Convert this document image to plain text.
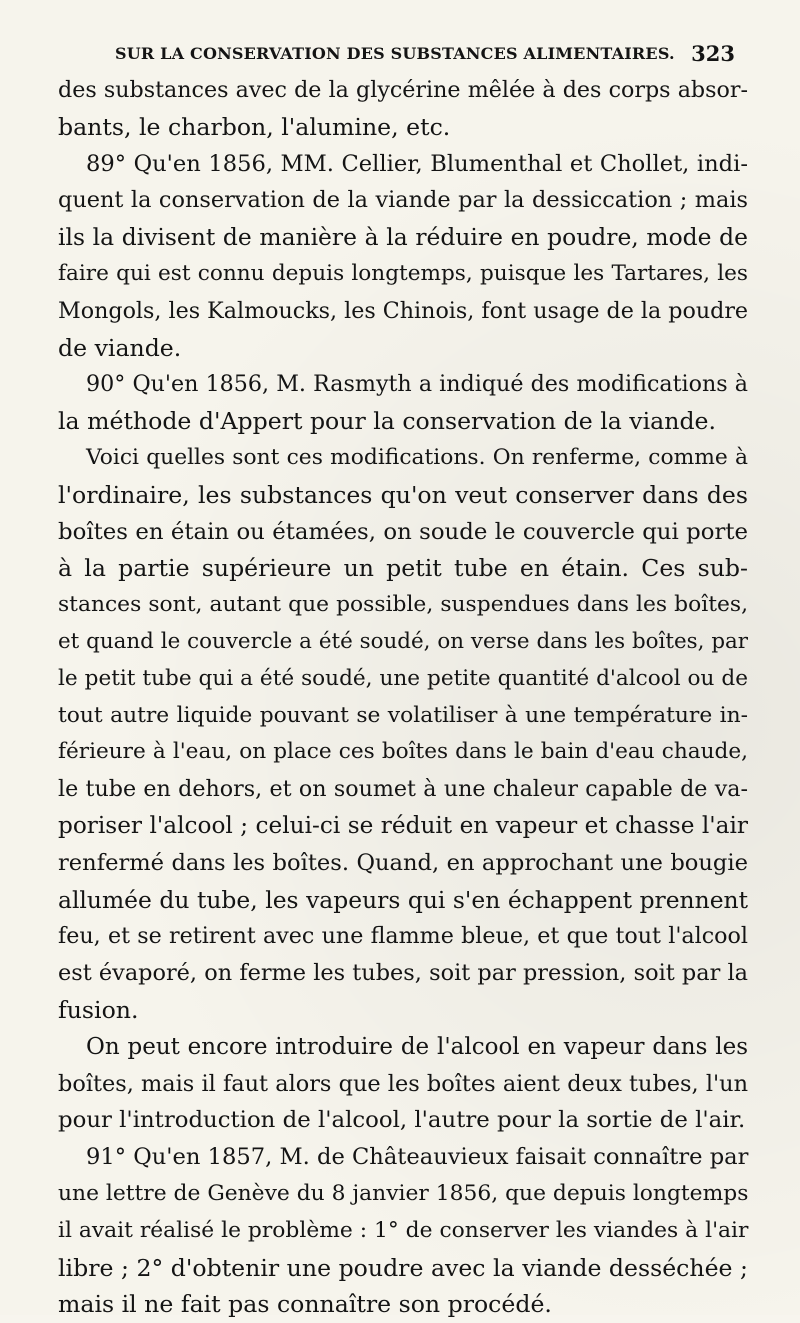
SUR LA CONSERVATION DES SUBSTANCES ALIMENTAIRES. 323
des substances avec de la glycérine mêlée à des corps absor-
bants, le charbon, l'alumine, etc.
89° Qu'en 1856, MM. Cellier, Blumenthal et Chollet, indi-
quent la conservation de la viande par la dessiccation ; mais
ils la divisent de manière à la réduire en poudre, mode de
faire qui est connu depuis longtemps, puisque les Tartares, les
Mongols, les Kalmoucks, les Chinois, font usage de la poudre
de viande.
90° Qu'en 1856, M. Rasmyth a indiqué des modifications à
la méthode d'Appert pour la conservation de la viande.
Voici quelles sont ces modifications. On renferme, comme à
l'ordinaire, les substances qu'on veut conserver dans des
boîtes en étain ou étamées, on soude le couvercle qui porte
à la partie supérieure un petit tube en étain. Ces sub-
stances sont, autant que possible, suspendues dans les boîtes,
et quand le couvercle a été soudé, on verse dans les boîtes, par
le petit tube qui a été soudé, une petite quantité d'alcool ou de
tout autre liquide pouvant se volatiliser à une température in-
férieure à l'eau, on place ces boîtes dans le bain d'eau chaude,
le tube en dehors, et on soumet à une chaleur capable de va-
poriser l'alcool ; celui-ci se réduit en vapeur et chasse l'air
renfermé dans les boîtes. Quand, en approchant une bougie
allumée du tube, les vapeurs qui s'en échappent prennent
feu, et se retirent avec une flamme bleue, et que tout l'alcool
est évaporé, on ferme les tubes, soit par pression, soit par la
fusion.
On peut encore introduire de l'alcool en vapeur dans les
boîtes, mais il faut alors que les boîtes aient deux tubes, l'un
pour l'introduction de l'alcool, l'autre pour la sortie de l'air.
91° Qu'en 1857, M. de Châteauvieux faisait connaître par
une lettre de Genève du 8 janvier 1856, que depuis longtemps
il avait réalisé le problème : 1° de conserver les viandes à l'air
libre ; 2° d'obtenir une poudre avec la viande desséchée ;
mais il ne fait pas connaître son procédé.
